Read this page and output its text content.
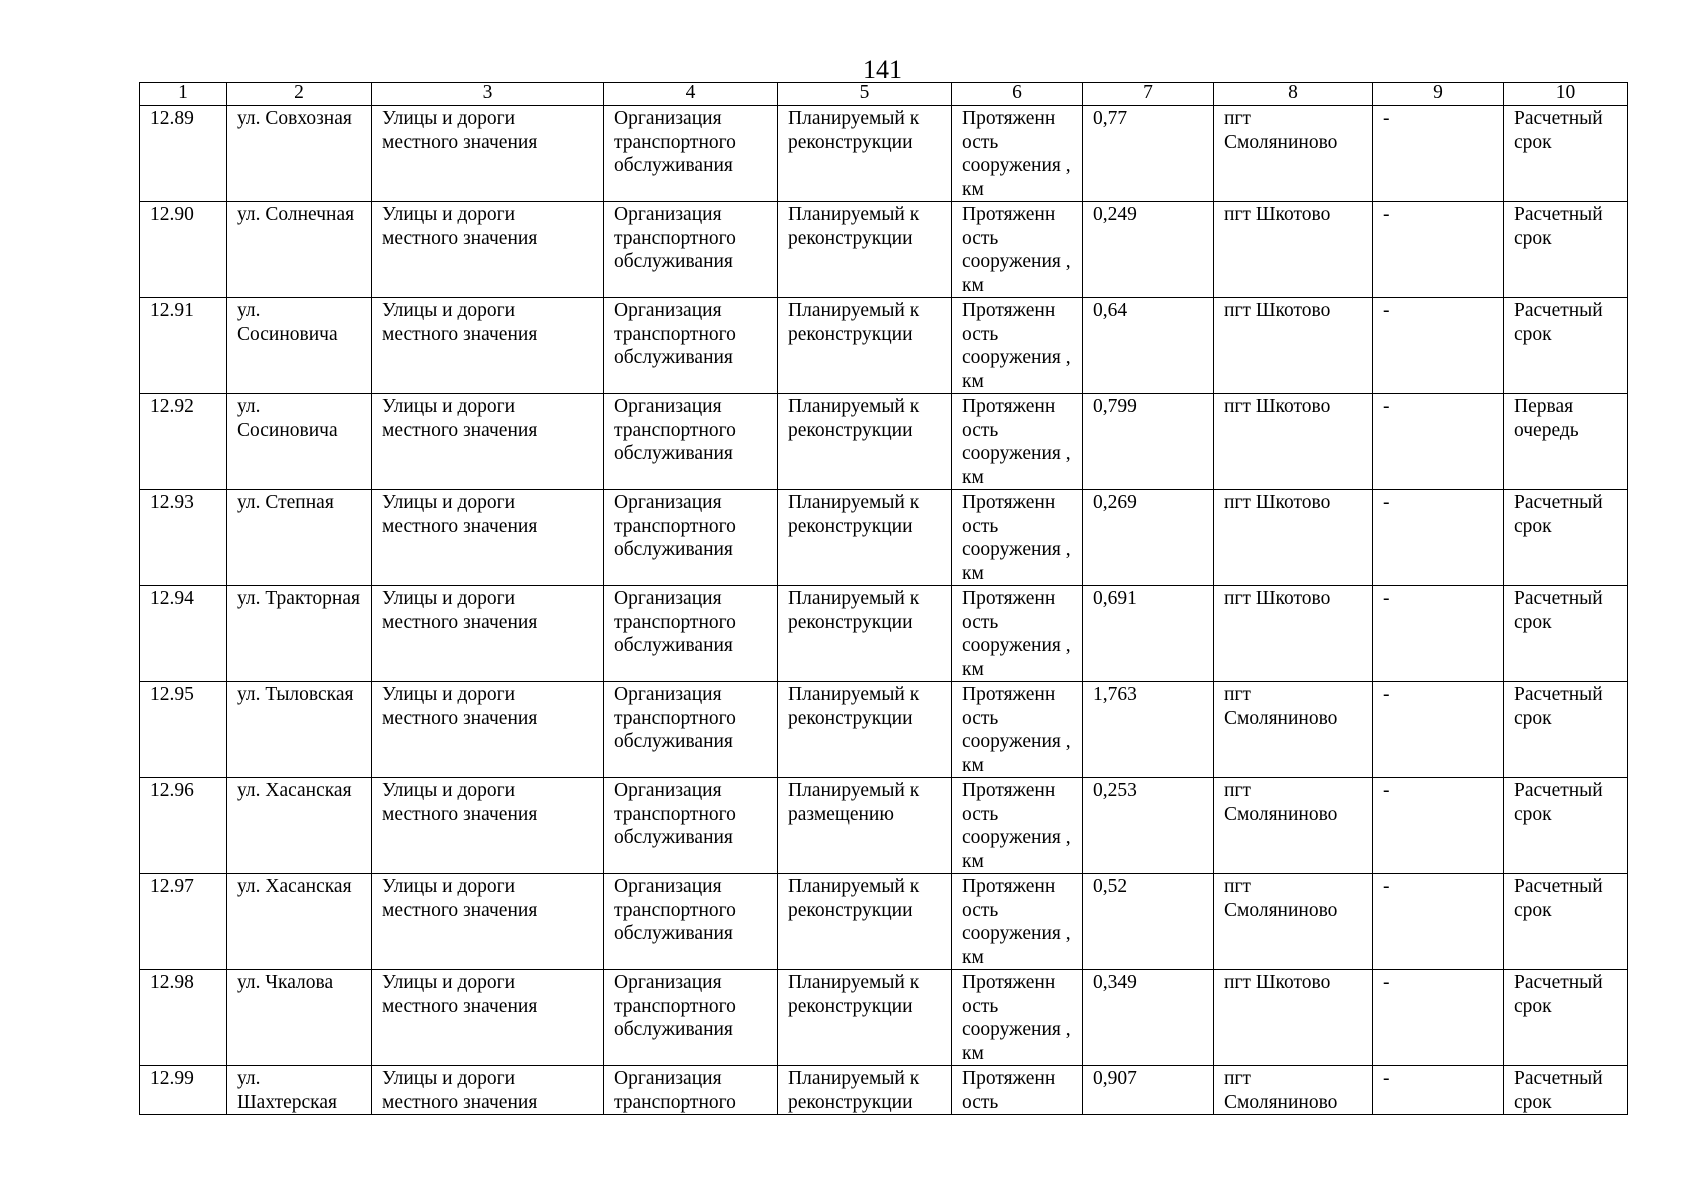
141
1	2	3	4	5	6	7	8	9	10
12.89	ул. Совхозная	Улицы и дороги местного значения	Организация транспортного обслуживания	Планируемый к реконструкции	Протяженн ость сооружения , км	0,77	пгт Смоляниново	-	Расчетный срок
12.90	ул. Солнечная	Улицы и дороги местного значения	Организация транспортного обслуживания	Планируемый к реконструкции	Протяженн ость сооружения , км	0,249	пгт Шкотово	-	Расчетный срок
12.91	ул. Сосиновича	Улицы и дороги местного значения	Организация транспортного обслуживания	Планируемый к реконструкции	Протяженн ость сооружения , км	0,64	пгт Шкотово	-	Расчетный срок
12.92	ул. Сосиновича	Улицы и дороги местного значения	Организация транспортного обслуживания	Планируемый к реконструкции	Протяженн ость сооружения , км	0,799	пгт Шкотово	-	Первая очередь
12.93	ул. Степная	Улицы и дороги местного значения	Организация транспортного обслуживания	Планируемый к реконструкции	Протяженн ость сооружения , км	0,269	пгт Шкотово	-	Расчетный срок
12.94	ул. Тракторная	Улицы и дороги местного значения	Организация транспортного обслуживания	Планируемый к реконструкции	Протяженн ость сооружения , км	0,691	пгт Шкотово	-	Расчетный срок
12.95	ул. Тыловская	Улицы и дороги местного значения	Организация транспортного обслуживания	Планируемый к реконструкции	Протяженн ость сооружения , км	1,763	пгт Смоляниново	-	Расчетный срок
12.96	ул. Хасанская	Улицы и дороги местного значения	Организация транспортного обслуживания	Планируемый к размещению	Протяженн ость сооружения , км	0,253	пгт Смоляниново	-	Расчетный срок
12.97	ул. Хасанская	Улицы и дороги местного значения	Организация транспортного обслуживания	Планируемый к реконструкции	Протяженн ость сооружения , км	0,52	пгт Смоляниново	-	Расчетный срок
12.98	ул. Чкалова	Улицы и дороги местного значения	Организация транспортного обслуживания	Планируемый к реконструкции	Протяженн ость сооружения , км	0,349	пгт Шкотово	-	Расчетный срок
12.99	ул. Шахтерская	Улицы и дороги местного значения	Организация транспортного	Планируемый к реконструкции	Протяженн ость	0,907	пгт Смоляниново	-	Расчетный срок
